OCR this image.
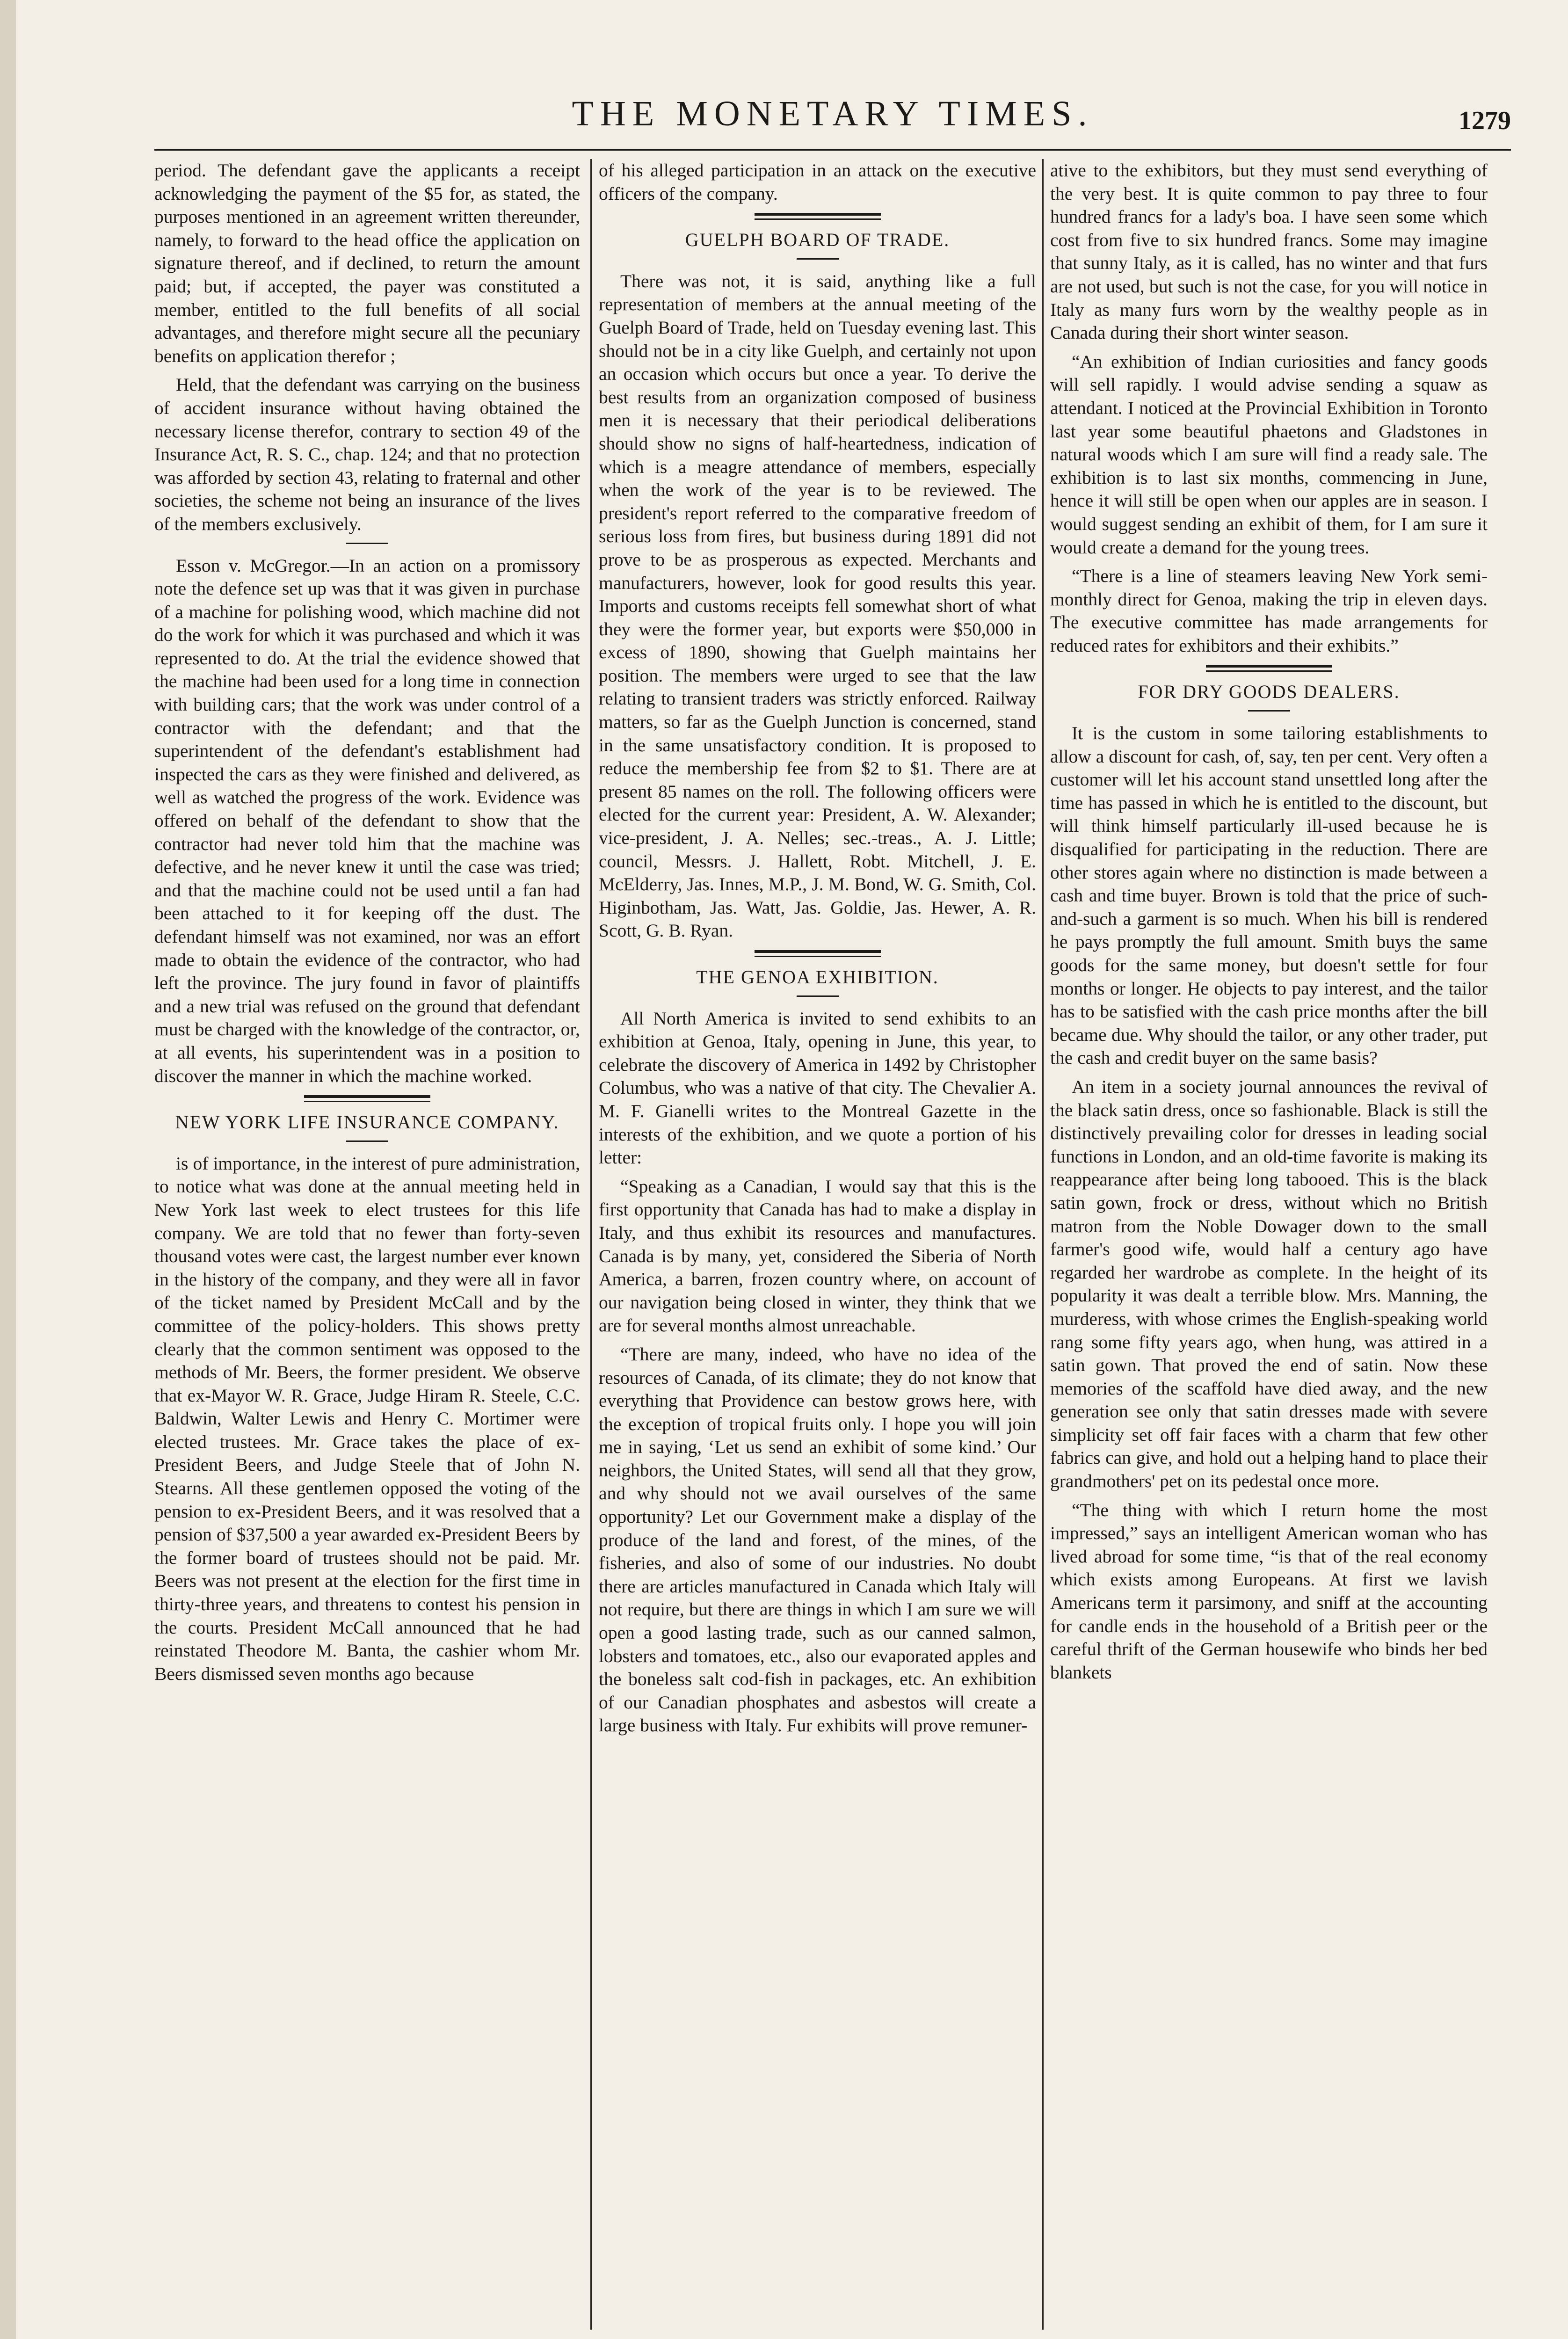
THE MONETARY TIMES.	1279

period. The defendant gave the applicants a receipt acknowledging the payment of the $5 for, as stated, the purposes mentioned in an agreement written thereunder, namely, to forward to the head office the application on signature thereof, and if declined, to return the amount paid; but, if accepted, the payer was constituted a member, entitled to the full benefits of all social advantages, and therefore might secure all the pecuniary benefits on application therefor ;

Held, that the defendant was carrying on the business of accident insurance without having obtained the necessary license therefor, contrary to section 49 of the Insurance Act, R. S. C., chap. 124; and that no protection was afforded by section 43, relating to fraternal and other societies, the scheme not being an insurance of the lives of the members exclusively.

Esson v. McGregor.—In an action on a promissory note the defence set up was that it was given in purchase of a machine for polishing wood, which machine did not do the work for which it was purchased and which it was represented to do. At the trial the evidence showed that the machine had been used for a long time in connection with building cars; that the work was under control of a contractor with the defendant; and that the superintendent of the defendant's establishment had inspected the cars as they were finished and delivered, as well as watched the progress of the work. Evidence was offered on behalf of the defendant to show that the contractor had never told him that the machine was defective, and he never knew it until the case was tried; and that the machine could not be used until a fan had been attached to it for keeping off the dust. The defendant himself was not examined, nor was an effort made to obtain the evidence of the contractor, who had left the province. The jury found in favor of plaintiffs and a new trial was refused on the ground that defendant must be charged with the knowledge of the contractor, or, at all events, his superintendent was in a position to discover the manner in which the machine worked.

NEW YORK LIFE INSURANCE COMPANY.

is of importance, in the interest of pure administration, to notice what was done at the annual meeting held in New York last week to elect trustees for this life company. We are told that no fewer than forty-seven thousand votes were cast, the largest number ever known in the history of the company, and they were all in favor of the ticket named by President McCall and by the committee of the policy-holders. This shows pretty clearly that the common sentiment was opposed to the methods of Mr. Beers, the former president. We observe that ex-Mayor W. R. Grace, Judge Hiram R. Steele, C.C. Baldwin, Walter Lewis and Henry C. Mortimer were elected trustees. Mr. Grace takes the place of ex-President Beers, and Judge Steele that of John N. Stearns. All these gentlemen opposed the voting of the pension to ex-President Beers, and it was resolved that a pension of $37,500 a year awarded ex-President Beers by the former board of trustees should not be paid. Mr. Beers was not present at the election for the first time in thirty-three years, and threatens to contest his pension in the courts. President McCall announced that he had reinstated Theodore M. Banta, the cashier whom Mr. Beers dismissed seven months ago because

of his alleged participation in an attack on the executive officers of the company.

GUELPH BOARD OF TRADE.

There was not, it is said, anything like a full representation of members at the annual meeting of the Guelph Board of Trade, held on Tuesday evening last. This should not be in a city like Guelph, and certainly not upon an occasion which occurs but once a year. To derive the best results from an organization composed of business men it is necessary that their periodical deliberations should show no signs of half-heartedness, indication of which is a meagre attendance of members, especially when the work of the year is to be reviewed. The president's report referred to the comparative freedom of serious loss from fires, but business during 1891 did not prove to be as prosperous as expected. Merchants and manufacturers, however, look for good results this year. Imports and customs receipts fell somewhat short of what they were the former year, but exports were $50,000 in excess of 1890, showing that Guelph maintains her position. The members were urged to see that the law relating to transient traders was strictly enforced. Railway matters, so far as the Guelph Junction is concerned, stand in the same unsatisfactory condition. It is proposed to reduce the membership fee from $2 to $1. There are at present 85 names on the roll. The following officers were elected for the current year: President, A. W. Alexander; vice-president, J. A. Nelles; sec.-treas., A. J. Little; council, Messrs. J. Hallett, Robt. Mitchell, J. E. McElderry, Jas. Innes, M.P., J. M. Bond, W. G. Smith, Col. Higinbotham, Jas. Watt, Jas. Goldie, Jas. Hewer, A. R. Scott, G. B. Ryan.

THE GENOA EXHIBITION.

All North America is invited to send exhibits to an exhibition at Genoa, Italy, opening in June, this year, to celebrate the discovery of America in 1492 by Christopher Columbus, who was a native of that city. The Chevalier A. M. F. Gianelli writes to the Montreal Gazette in the interests of the exhibition, and we quote a portion of his letter:

“Speaking as a Canadian, I would say that this is the first opportunity that Canada has had to make a display in Italy, and thus exhibit its resources and manufactures. Canada is by many, yet, considered the Siberia of North America, a barren, frozen country where, on account of our navigation being closed in winter, they think that we are for several months almost unreachable.

“There are many, indeed, who have no idea of the resources of Canada, of its climate; they do not know that everything that Providence can bestow grows here, with the exception of tropical fruits only. I hope you will join me in saying, ‘Let us send an exhibit of some kind.’ Our neighbors, the United States, will send all that they grow, and why should not we avail ourselves of the same opportunity? Let our Government make a display of the produce of the land and forest, of the mines, of the fisheries, and also of some of our industries. No doubt there are articles manufactured in Canada which Italy will not require, but there are things in which I am sure we will open a good lasting trade, such as our canned salmon, lobsters and tomatoes, etc., also our evaporated apples and the boneless salt cod-fish in packages, etc. An exhibition of our Canadian phosphates and asbestos will create a large business with Italy. Fur exhibits will prove remuner-

ative to the exhibitors, but they must send everything of the very best. It is quite common to pay three to four hundred francs for a lady's boa. I have seen some which cost from five to six hundred francs. Some may imagine that sunny Italy, as it is called, has no winter and that furs are not used, but such is not the case, for you will notice in Italy as many furs worn by the wealthy people as in Canada during their short winter season.

“An exhibition of Indian curiosities and fancy goods will sell rapidly. I would advise sending a squaw as attendant. I noticed at the Provincial Exhibition in Toronto last year some beautiful phaetons and Gladstones in natural woods which I am sure will find a ready sale. The exhibition is to last six months, commencing in June, hence it will still be open when our apples are in season. I would suggest sending an exhibit of them, for I am sure it would create a demand for the young trees.

“There is a line of steamers leaving New York semi-monthly direct for Genoa, making the trip in eleven days. The executive committee has made arrangements for reduced rates for exhibitors and their exhibits.”

FOR DRY GOODS DEALERS.

It is the custom in some tailoring establishments to allow a discount for cash, of, say, ten per cent. Very often a customer will let his account stand unsettled long after the time has passed in which he is entitled to the discount, but will think himself particularly ill-used because he is disqualified for participating in the reduction. There are other stores again where no distinction is made between a cash and time buyer. Brown is told that the price of such-and-such a garment is so much. When his bill is rendered he pays promptly the full amount. Smith buys the same goods for the same money, but doesn't settle for four months or longer. He objects to pay interest, and the tailor has to be satisfied with the cash price months after the bill became due. Why should the tailor, or any other trader, put the cash and credit buyer on the same basis?

An item in a society journal announces the revival of the black satin dress, once so fashionable. Black is still the distinctively prevailing color for dresses in leading social functions in London, and an old-time favorite is making its reappearance after being long tabooed. This is the black satin gown, frock or dress, without which no British matron from the Noble Dowager down to the small farmer's good wife, would half a century ago have regarded her wardrobe as complete. In the height of its popularity it was dealt a terrible blow. Mrs. Manning, the murderess, with whose crimes the English-speaking world rang some fifty years ago, when hung, was attired in a satin gown. That proved the end of satin. Now these memories of the scaffold have died away, and the new generation see only that satin dresses made with severe simplicity set off fair faces with a charm that few other fabrics can give, and hold out a helping hand to place their grandmothers' pet on its pedestal once more.

“The thing with which I return home the most impressed,” says an intelligent American woman who has lived abroad for some time, “is that of the real economy which exists among Europeans. At first we lavish Americans term it parsimony, and sniff at the accounting for candle ends in the household of a British peer or the careful thrift of the German housewife who binds her bed blankets
